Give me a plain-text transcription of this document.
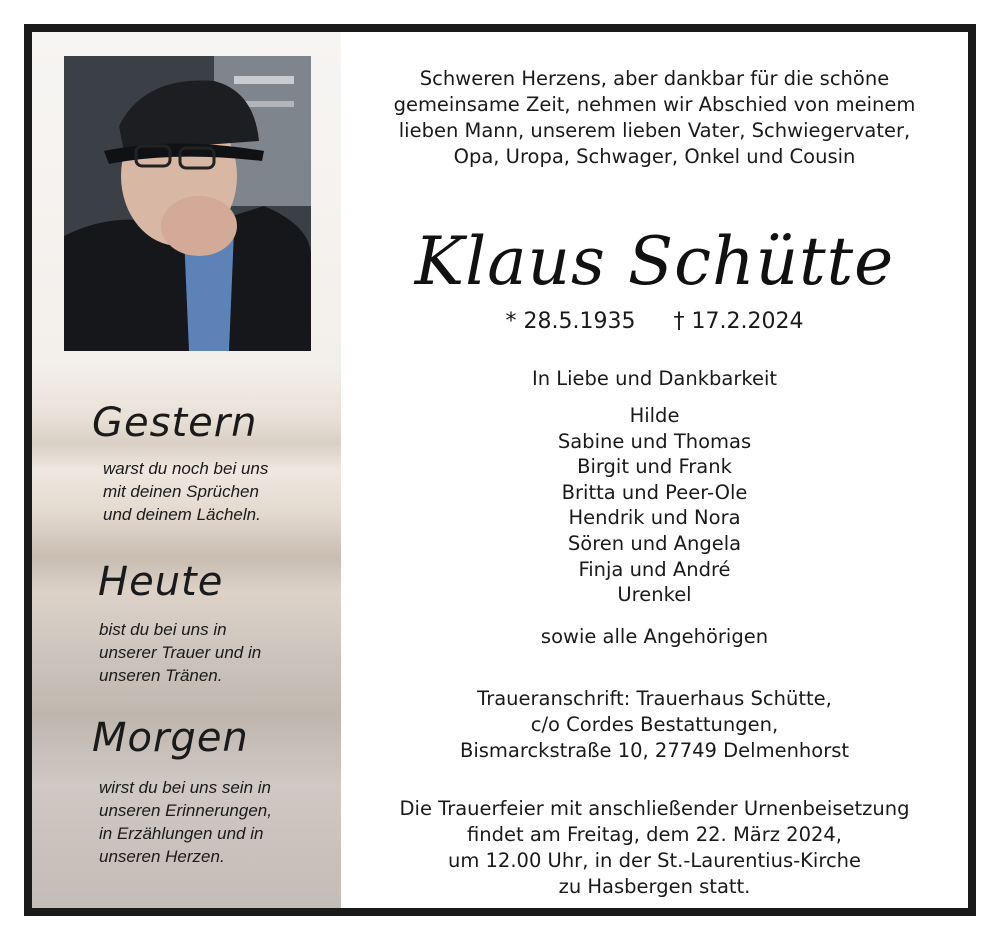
Gestern
warst du noch bei uns
mit deinen Sprüchen
und deinem Lächeln.
Heute
bist du bei uns in
unserer Trauer und in
unseren Tränen.
Morgen
wirst du bei uns sein in
unseren Erinnerungen,
in Erzählungen und in
unseren Herzen.
Schweren Herzens, aber dankbar für die schöne
gemeinsame Zeit, nehmen wir Abschied von meinem
lieben Mann, unserem lieben Vater, Schwiegervater,
Opa, Uropa, Schwager, Onkel und Cousin
Klaus Schütte
* 28.5.1935 † 17.2.2024
In Liebe und Dankbarkeit
Hilde
Sabine und Thomas
Birgit und Frank
Britta und Peer-Ole
Hendrik und Nora
Sören und Angela
Finja und André
Urenkel
sowie alle Angehörigen
Traueranschrift: Trauerhaus Schütte,
c/o Cordes Bestattungen,
Bismarckstraße 10, 27749 Delmenhorst
Die Trauerfeier mit anschließender Urnenbeisetzung
findet am Freitag, dem 22. März 2024,
um 12.00 Uhr, in der St.-Laurentius-Kirche
zu Hasbergen statt.
